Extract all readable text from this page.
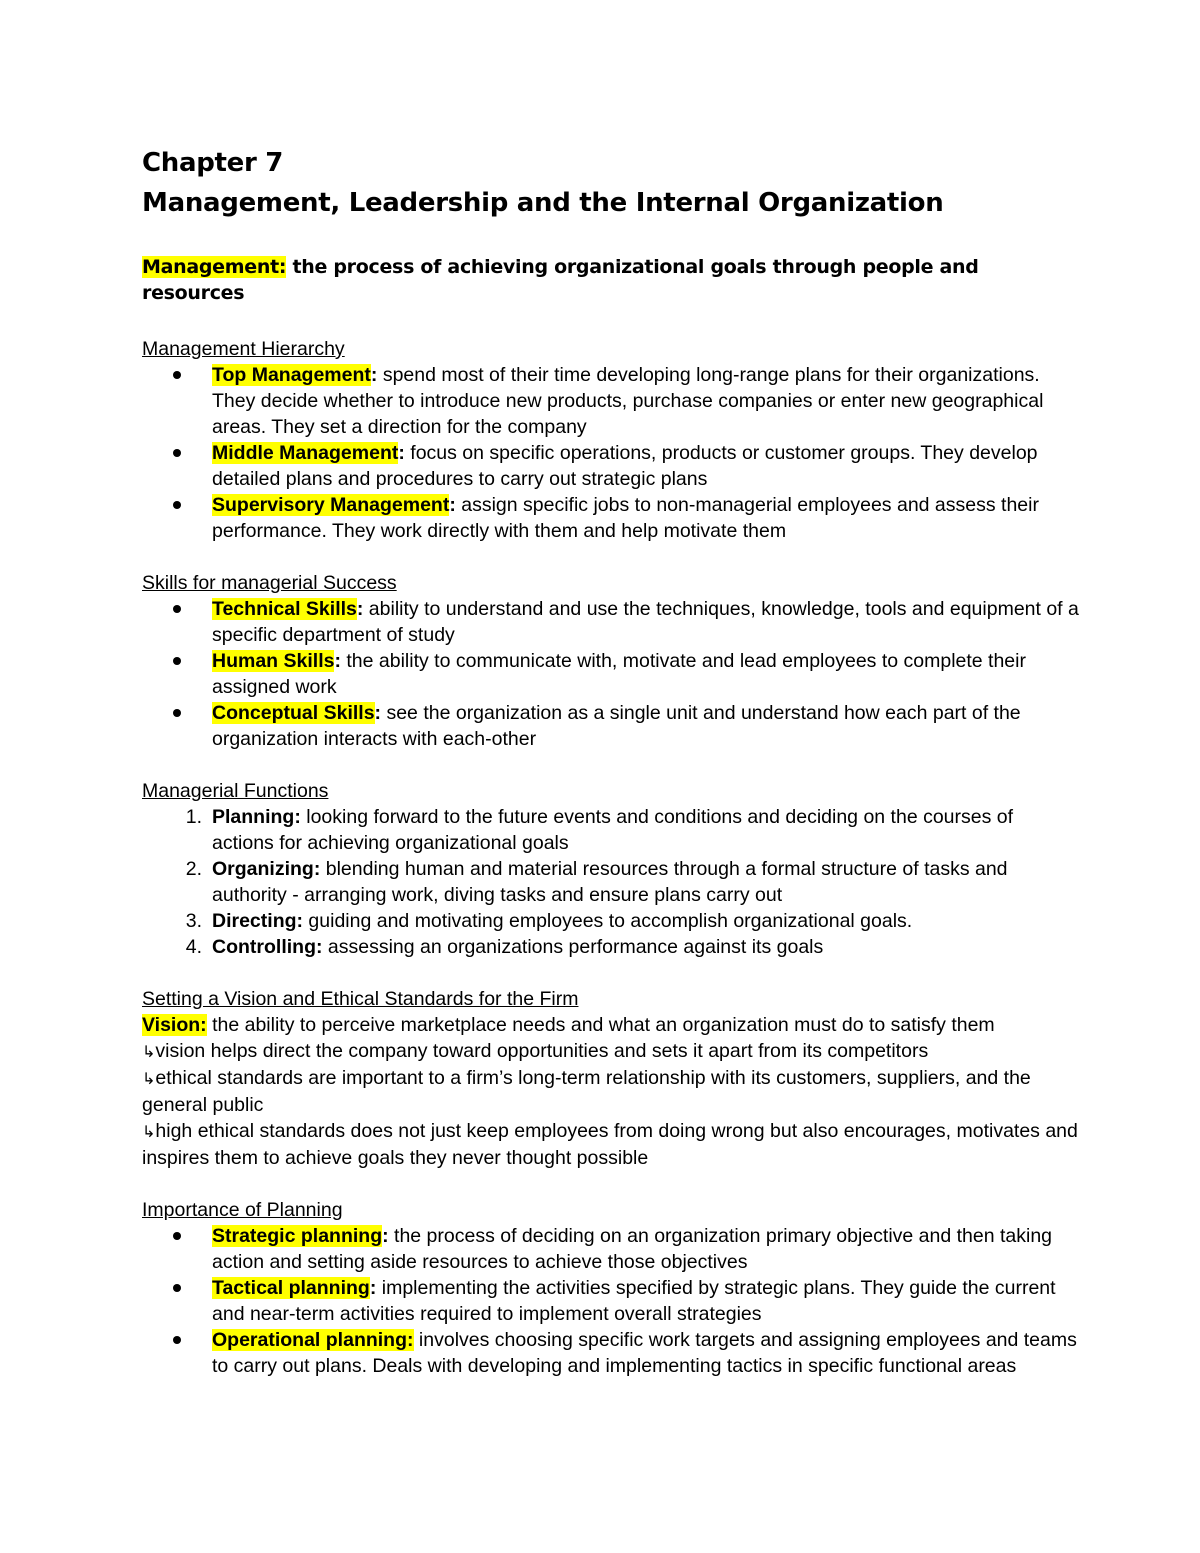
Chapter 7
Management, Leadership and the Internal Organization

Management: the process of achieving organizational goals through people and resources

Management Hierarchy

Top Management: spend most of their time developing long-range plans for their organizations. They decide whether to introduce new products, purchase companies or enter new geographical areas. They set a direction for the company
Middle Management: focus on specific operations, products or customer groups. They develop detailed plans and procedures to carry out strategic plans
Supervisory Management: assign specific jobs to non-managerial employees and assess their performance. They work directly with them and help motivate them

Skills for managerial Success

Technical Skills: ability to understand and use the techniques, knowledge, tools and equipment of a specific department of study
Human Skills: the ability to communicate with, motivate and lead employees to complete their assigned work
Conceptual Skills: see the organization as a single unit and understand how each part of the organization interacts with each-other

Managerial Functions

1. Planning: looking forward to the future events and conditions and deciding on the courses of actions for achieving organizational goals
2. Organizing: blending human and material resources through a formal structure of tasks and authority - arranging work, diving tasks and ensure plans carry out
3. Directing: guiding and motivating employees to accomplish organizational goals.
4. Controlling: assessing an organizations performance against its goals

Setting a Vision and Ethical Standards for the Firm

Vision: the ability to perceive marketplace needs and what an organization must do to satisfy them

↳vision helps direct the company toward opportunities and sets it apart from its competitors

↳ethical standards are important to a firm’s long-term relationship with its customers, suppliers, and the general public

↳high ethical standards does not just keep employees from doing wrong but also encourages, motivates and inspires them to achieve goals they never thought possible

Importance of Planning

Strategic planning: the process of deciding on an organization primary objective and then taking action and setting aside resources to achieve those objectives
Tactical planning: implementing the activities specified by strategic plans. They guide the current and near-term activities required to implement overall strategies
Operational planning: involves choosing specific work targets and assigning employees and teams to carry out plans. Deals with developing and implementing tactics in specific functional areas
